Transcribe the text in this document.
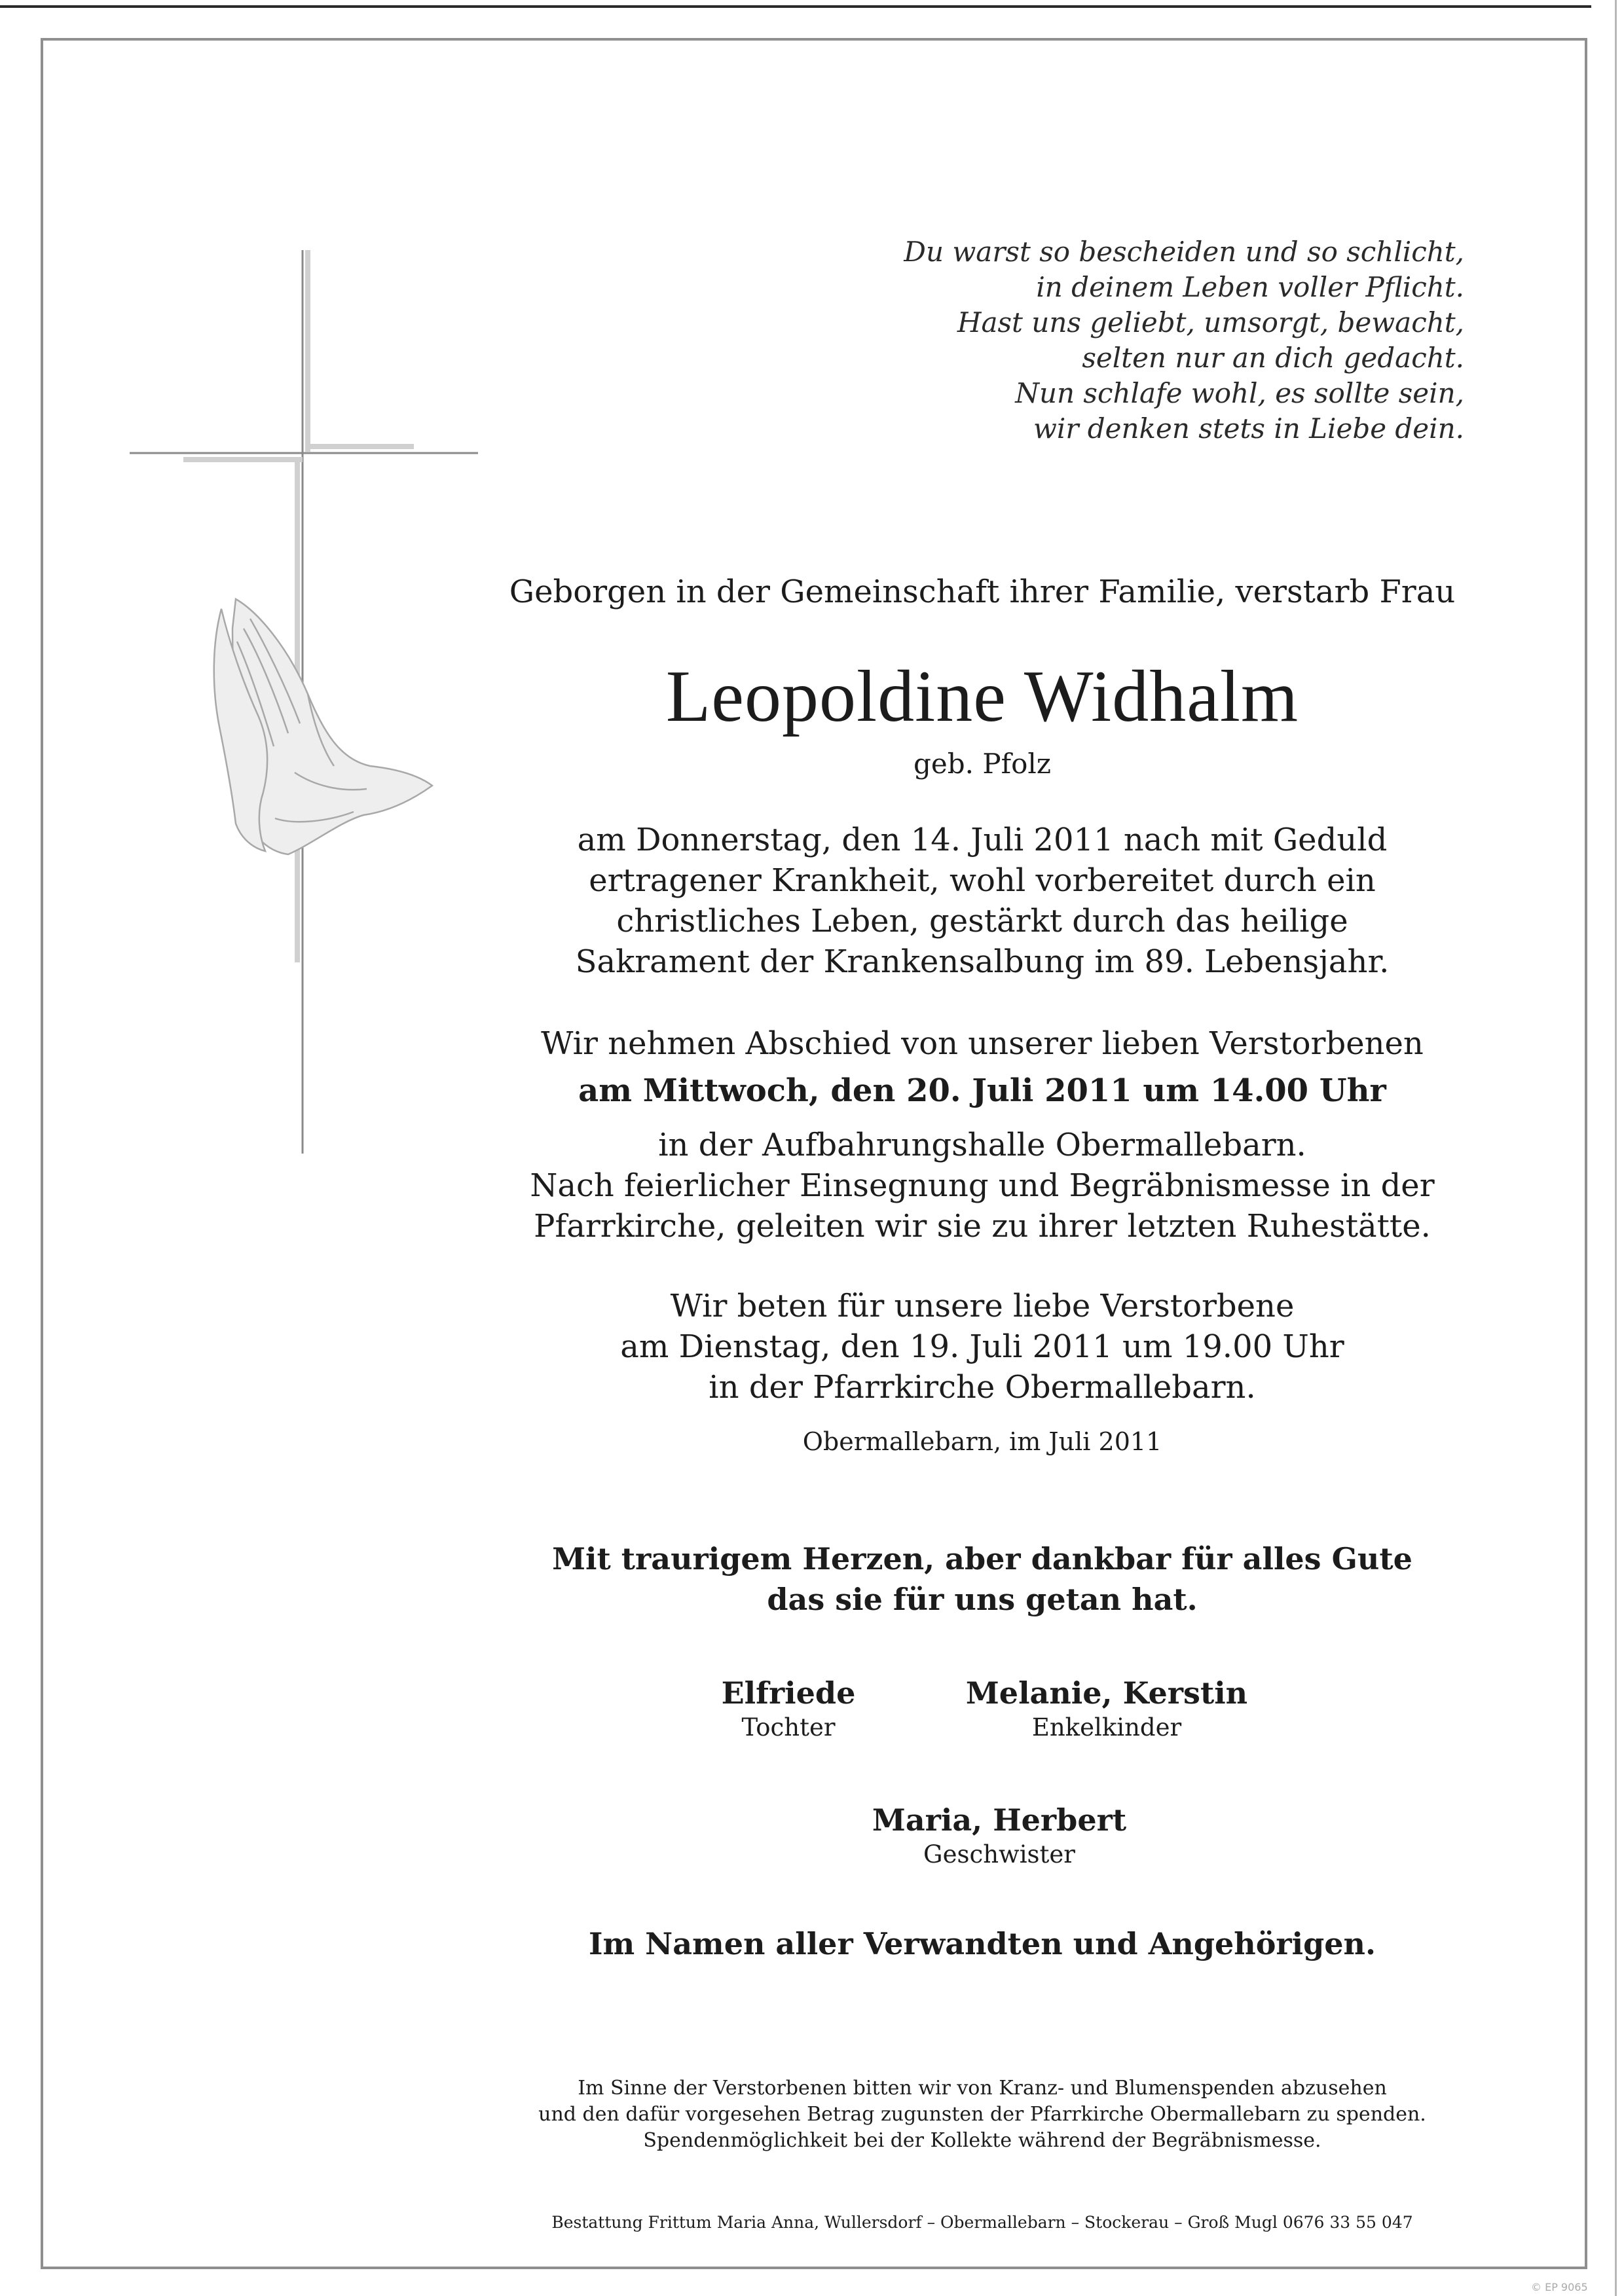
Du warst so bescheiden und so schlicht,
in deinem Leben voller Pflicht.
Hast uns geliebt, umsorgt, bewacht,
selten nur an dich gedacht.
Nun schlafe wohl, es sollte sein,
wir denken stets in Liebe dein.
Geborgen in der Gemeinschaft ihrer Familie, verstarb Frau
Leopoldine Widhalm
geb. Pfolz
am Donnerstag, den 14. Juli 2011 nach mit Geduld
ertragener Krankheit, wohl vorbereitet durch ein
christliches Leben, gestärkt durch das heilige
Sakrament der Krankensalbung im 89. Lebensjahr.
Wir nehmen Abschied von unserer lieben Verstorbenen
am Mittwoch, den 20. Juli 2011 um 14.00 Uhr
in der Aufbahrungshalle Obermallebarn.
Nach feierlicher Einsegnung und Begräbnismesse in der
Pfarrkirche, geleiten wir sie zu ihrer letzten Ruhestätte.
Wir beten für unsere liebe Verstorbene
am Dienstag, den 19. Juli 2011 um 19.00 Uhr
in der Pfarrkirche Obermallebarn.
Obermallebarn, im Juli 2011
Mit traurigem Herzen, aber dankbar für alles Gute
das sie für uns getan hat.
Elfriede
Tochter
Melanie, Kerstin
Enkelkinder
Maria, Herbert
Geschwister
Im Namen aller Verwandten und Angehörigen.
Im Sinne der Verstorbenen bitten wir von Kranz- und Blumenspenden abzusehen
und den dafür vorgesehen Betrag zugunsten der Pfarrkirche Obermallebarn zu spenden.
Spendenmöglichkeit bei der Kollekte während der Begräbnismesse.
Bestattung Frittum Maria Anna, Wullersdorf – Obermallebarn – Stockerau – Groß Mugl 0676 33 55 047
© EP 9065
